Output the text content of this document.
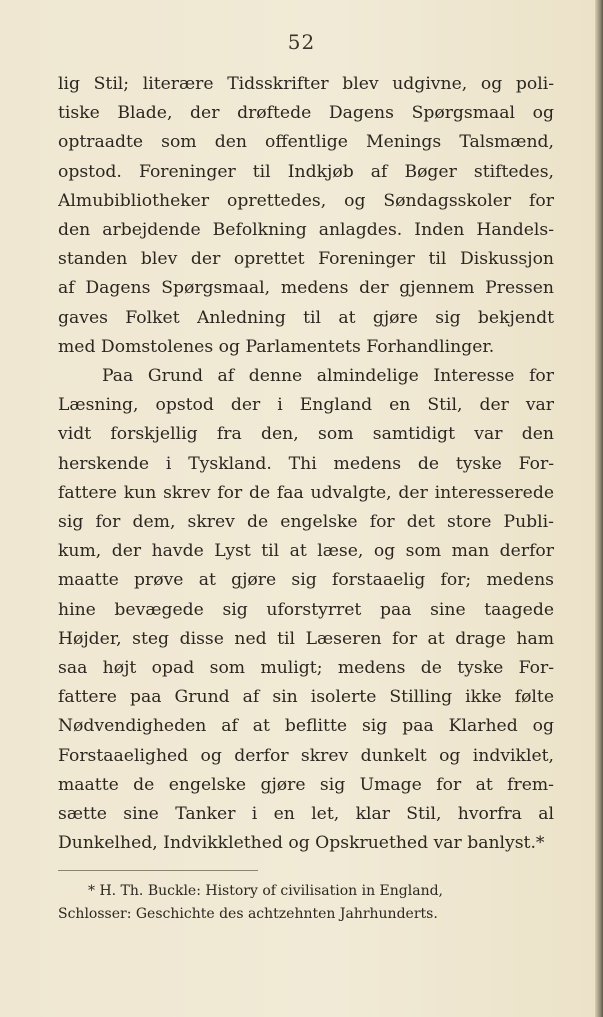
52
lig Stil; literære Tidsskrifter blev udgivne, og poli-
tiske Blade, der drøftede Dagens Spørgsmaal og
optraadte som den offentlige Menings Talsmænd,
opstod. Foreninger til Indkjøb af Bøger stiftedes,
Almubibliotheker oprettedes, og Søndagsskoler for
den arbejdende Befolkning anlagdes. Inden Handels-
standen blev der oprettet Foreninger til Diskussjon
af Dagens Spørgsmaal, medens der gjennem Pressen
gaves Folket Anledning til at gjøre sig bekjendt
med Domstolenes og Parlamentets Forhandlinger.
Paa Grund af denne almindelige Interesse for
Læsning, opstod der i England en Stil, der var
vidt forskjellig fra den, som samtidigt var den
herskende i Tyskland. Thi medens de tyske For-
fattere kun skrev for de faa udvalgte, der interesserede
sig for dem, skrev de engelske for det store Publi-
kum, der havde Lyst til at læse, og som man derfor
maatte prøve at gjøre sig forstaaelig for; medens
hine bevægede sig uforstyrret paa sine taagede
Højder, steg disse ned til Læseren for at drage ham
saa højt opad som muligt; medens de tyske For-
fattere paa Grund af sin isolerte Stilling ikke følte
Nødvendigheden af at beflitte sig paa Klarhed og
Forstaaelighed og derfor skrev dunkelt og indviklet,
maatte de engelske gjøre sig Umage for at frem-
sætte sine Tanker i en let, klar Stil, hvorfra al
Dunkelhed, Indvikklethed og Opskruethed var banlyst.*
* H. Th. Buckle: History of civilisation in England,
Schlosser: Geschichte des achtzehnten Jahrhunderts.
